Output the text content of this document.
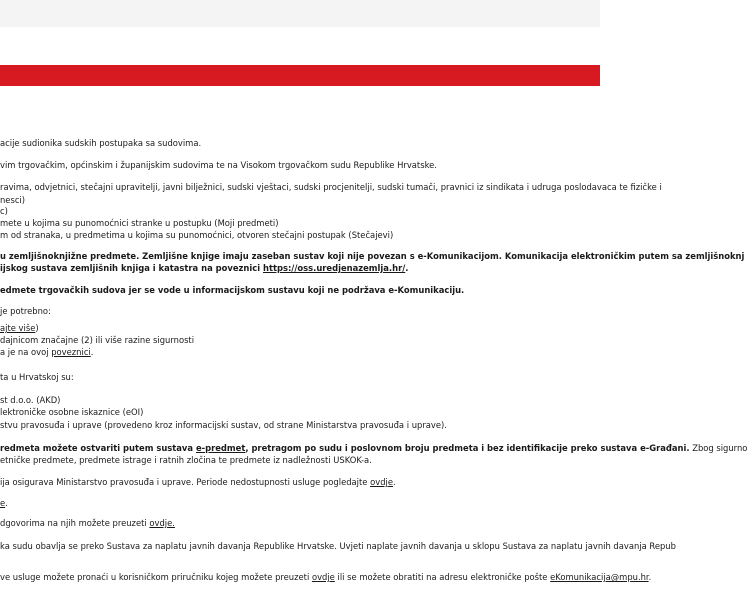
acije sudionika sudskih postupaka sa sudovima.
vim trgovačkim, općinskim i županijskim sudovima te na Visokom trgovačkom sudu Republike Hrvatske.
ravima, odvjetnici, stečajni upravitelji, javni bilježnici, sudski vještaci, sudski procjenitelji, sudski tumači, pravnici iz sindikata i udruga poslodavaca te fizičke i
nesci)
c)
mete u kojima su punomoćnici stranke u postupku (Moji predmeti)
m od stranaka, u predmetima u kojima su punomoćnici, otvoren stečajni postupak (Stečajevi)
u zemljišnoknjižne predmete. Zemljišne knjige imaju zaseban sustav koji nije povezan s e-Komunikacijom. Komunikacija elektroničkim putem sa zemljišnoknj
ijskog sustava zemljišnih knjiga i katastra na poveznici https://oss.uredjenazemlja.hr/.
edmete trgovačkih sudova jer se vode u informacijskom sustavu koji ne podržava e-Komunikaciju.
je potrebno:
ajte više)
dajnicom značajne (2) ili više razine sigurnosti
a je na ovoj poveznici.
ta u Hrvatskoj su:
st d.o.o. (AKD)
lektroničke osobne iskaznice (eOI)
stvu pravosuđa i uprave (provedeno kroz informacijski sustav, od strane Ministarstva pravosuđa i uprave).
redmeta možete ostvariti putem sustava e-predmet, pretragom po sudu i poslovnom broju predmeta i bez identifikacije preko sustava e-Građani. Zbog sigurno
etničke predmete, predmete istrage i ratnih zločina te predmete iz nadležnosti USKOK-a.
ija osigurava Ministarstvo pravosuđa i uprave. Periode nedostupnosti usluge pogledajte ovdje.
e.
dgovorima na njih možete preuzeti ovdje.
ka sudu obavlja se preko Sustava za naplatu javnih davanja Republike Hrvatske. Uvjeti naplate javnih davanja u sklopu Sustava za naplatu javnih davanja Repub
ve usluge možete pronaći u korisničkom priručniku kojeg možete preuzeti ovdje ili se možete obratiti na adresu elektroničke pošte eKomunikacija@mpu.hr.
